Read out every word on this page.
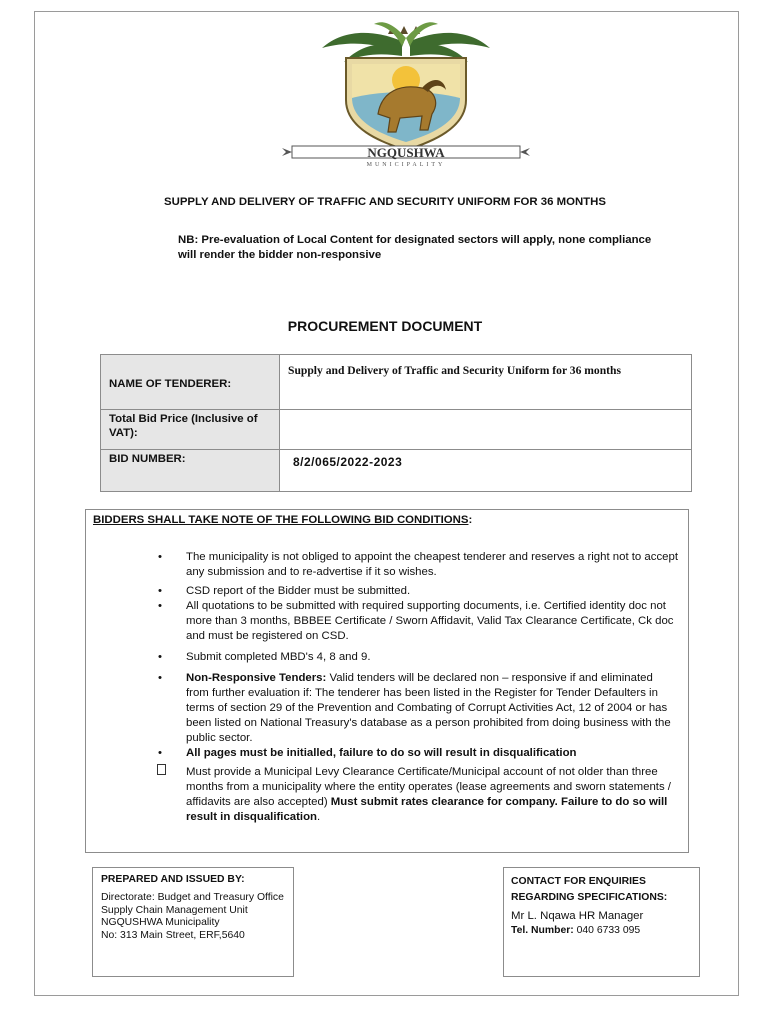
NGQUSHWA
MUNICIPALITY
SUPPLY AND DELIVERY OF TRAFFIC AND SECURITY UNIFORM FOR 36 MONTHS
NB: Pre-evaluation of Local Content for designated sectors will apply, none compliance will render the bidder non-responsive
PROCUREMENT DOCUMENT
NAME OF TENDERER:	Supply and Delivery of Traffic and Security Uniform for 36 months
Total Bid Price (Inclusive of VAT):	
BID NUMBER:	8/2/065/2022-2023
BIDDERS SHALL TAKE NOTE OF THE FOLLOWING BID CONDITIONS:
• The municipality is not obliged to appoint the cheapest tenderer and reserves a right not to accept any submission and to re-advertise if it so wishes.
• CSD report of the Bidder must be submitted.
• All quotations to be submitted with required supporting documents, i.e. Certified identity doc not more than 3 months, BBBEE Certificate / Sworn Affidavit, Valid Tax Clearance Certificate, Ck doc and must be registered on CSD.
• Submit completed MBD's 4, 8 and 9.
• Non-Responsive Tenders: Valid tenders will be declared non – responsive if and eliminated from further evaluation if: The tenderer has been listed in the Register for Tender Defaulters in terms of section 29 of the Prevention and Combating of Corrupt Activities Act, 12 of 2004 or has been listed on National Treasury's database as a person prohibited from doing business with the public sector.
• All pages must be initialled, failure to do so will result in disqualification
Must provide a Municipal Levy Clearance Certificate/Municipal account of not older than three months from a municipality where the entity operates (lease agreements and sworn statements / affidavits are also accepted) Must submit rates clearance for company. Failure to do so will result in disqualification.
PREPARED AND ISSUED BY:
Directorate: Budget and Treasury Office
Supply Chain Management Unit
NGQUSHWA Municipality
No: 313 Main Street, ERF,5640
CONTACT FOR ENQUIRIES REGARDING SPECIFICATIONS:
Mr L. Nqawa HR Manager
Tel. Number: 040 6733 095
